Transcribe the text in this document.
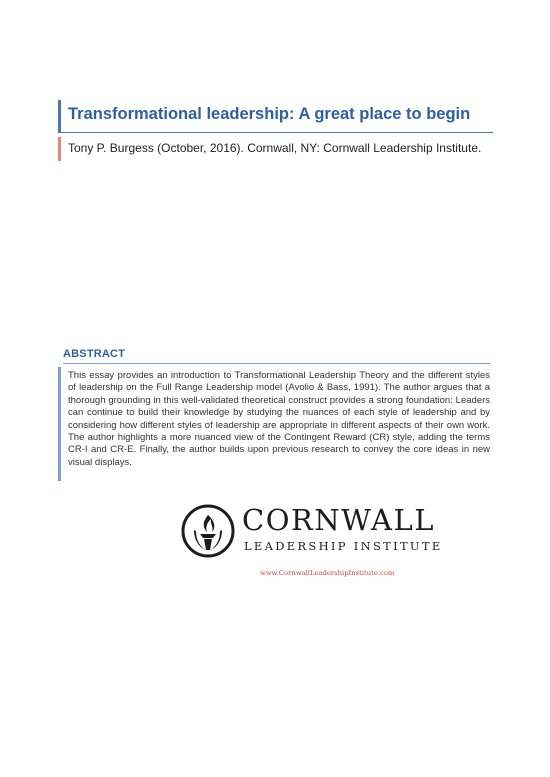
Transformational leadership: A great place to begin

Tony P. Burgess (October, 2016). Cornwall, NY: Cornwall Leadership Institute.

ABSTRACT

This essay provides an introduction to Transformational Leadership Theory and the different styles of leadership on the Full Range Leadership model (Avolio & Bass, 1991). The author argues that a thorough grounding in this well-validated theoretical construct provides a strong foundation: Leaders can continue to build their knowledge by studying the nuances of each style of leadership and by considering how different styles of leadership are appropriate in different aspects of their own work. The author highlights a more nuanced view of the Contingent Reward (CR) style, adding the terms CR-I and CR-E. Finally, the author builds upon previous research to convey the core ideas in new visual displays.

CORNWALL
LEADERSHIP INSTITUTE
www.CornwallLeadershipInstitute.com
